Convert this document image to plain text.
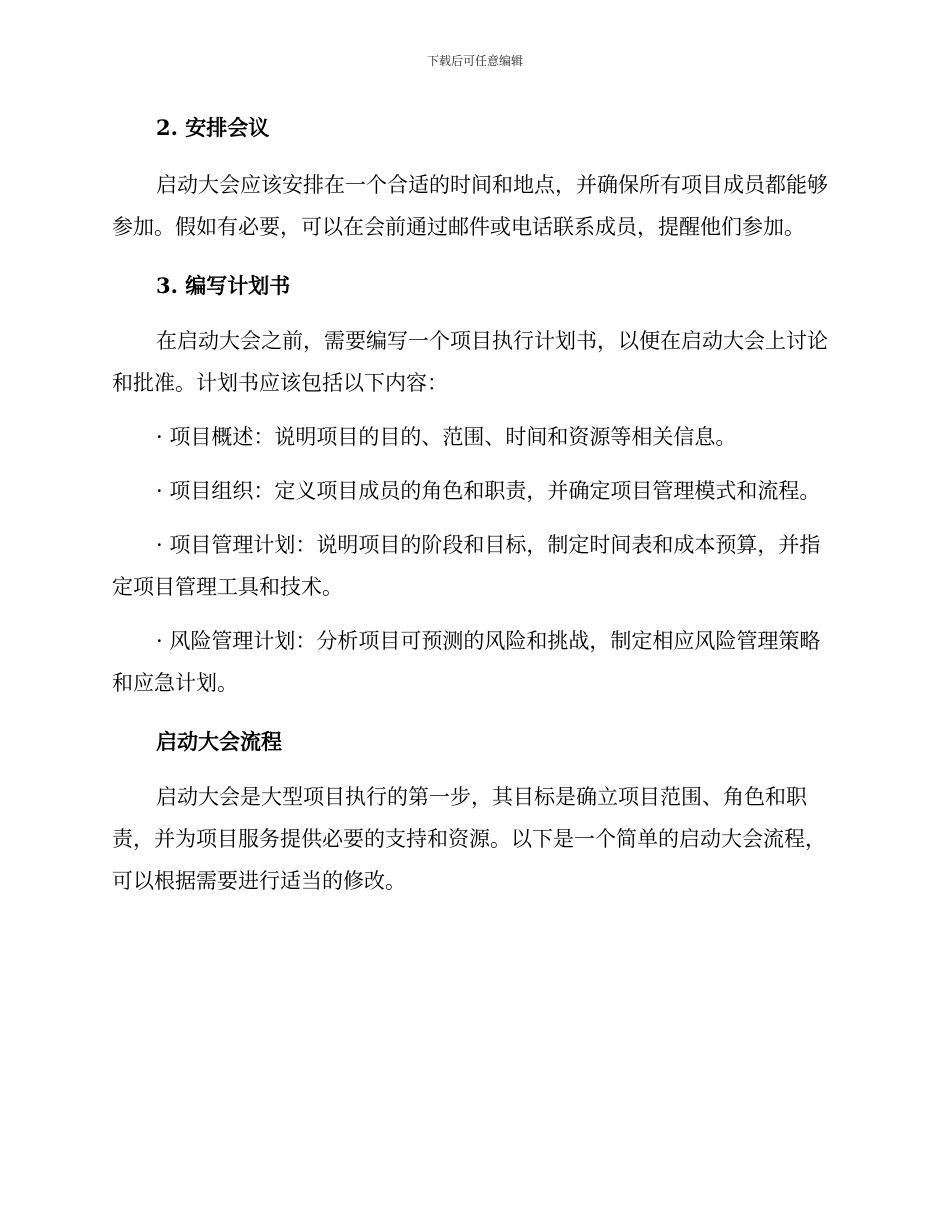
下载后可任意编辑
2. 安排会议

启动大会应该安排在一个合适的时间和地点，并确保所有项目成员都能够参加。假如有必要，可以在会前通过邮件或电话联系成员，提醒他们参加。

3. 编写计划书

在启动大会之前，需要编写一个项目执行计划书，以便在启动大会上讨论和批准。计划书应该包括以下内容：

· 项目概述：说明项目的目的、范围、时间和资源等相关信息。

· 项目组织：定义项目成员的角色和职责，并确定项目管理模式和流程。

· 项目管理计划：说明项目的阶段和目标，制定时间表和成本预算，并指定项目管理工具和技术。

· 风险管理计划：分析项目可预测的风险和挑战，制定相应风险管理策略和应急计划。

启动大会流程

启动大会是大型项目执行的第一步，其目标是确立项目范围、角色和职责，并为项目服务提供必要的支持和资源。以下是一个简单的启动大会流程，可以根据需要进行适当的修改。
